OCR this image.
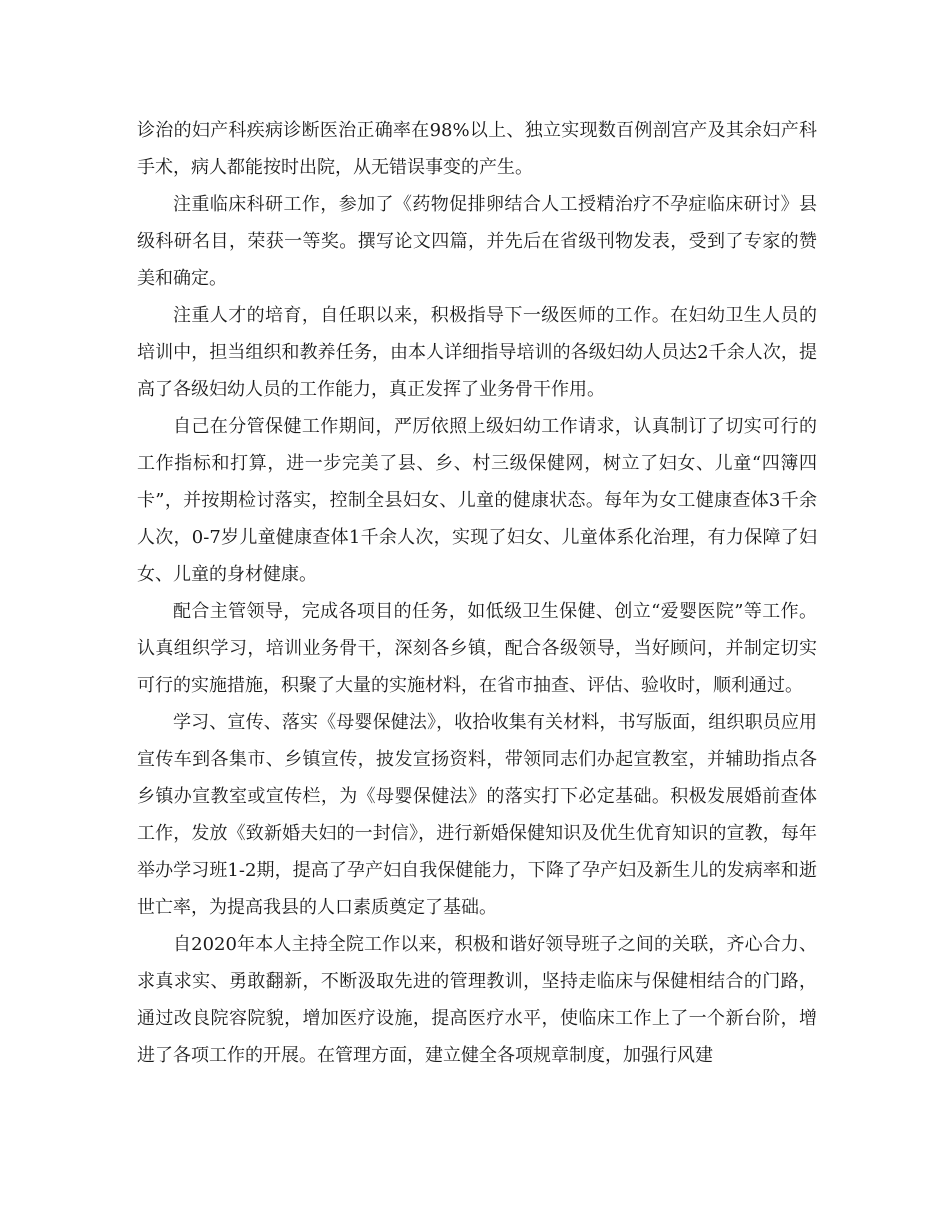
诊治的妇产科疾病诊断医治正确率在98%以上、独立实现数百例剖宫产及其余妇产科手术，病人都能按时出院，从无错误事变的产生。

注重临床科研工作，参加了《药物促排卵结合人工授精治疗不孕症临床研讨》县级科研名目，荣获一等奖。撰写论文四篇，并先后在省级刊物发表，受到了专家的赞美和确定。

注重人才的培育，自任职以来，积极指导下一级医师的工作。在妇幼卫生人员的培训中，担当组织和教养任务，由本人详细指导培训的各级妇幼人员达2千余人次，提高了各级妇幼人员的工作能力，真正发挥了业务骨干作用。

自己在分管保健工作期间，严厉依照上级妇幼工作请求，认真制订了切实可行的工作指标和打算，进一步完美了县、乡、村三级保健网，树立了妇女、儿童“四簿四卡”，并按期检讨落实，控制全县妇女、儿童的健康状态。每年为女工健康查体3千余人次，0-7岁儿童健康查体1千余人次，实现了妇女、儿童体系化治理，有力保障了妇女、儿童的身材健康。

配合主管领导，完成各项目的任务，如低级卫生保健、创立“爱婴医院”等工作。认真组织学习，培训业务骨干，深刻各乡镇，配合各级领导，当好顾问，并制定切实可行的实施措施，积聚了大量的实施材料，在省市抽查、评估、验收时，顺利通过。

学习、宣传、落实《母婴保健法》，收拾收集有关材料，书写版面，组织职员应用宣传车到各集市、乡镇宣传，披发宣扬资料，带领同志们办起宣教室，并辅助指点各乡镇办宣教室或宣传栏，为《母婴保健法》的落实打下必定基础。积极发展婚前查体工作，发放《致新婚夫妇的一封信》，进行新婚保健知识及优生优育知识的宣教，每年举办学习班1-2期，提高了孕产妇自我保健能力，下降了孕产妇及新生儿的发病率和逝世亡率，为提高我县的人口素质奠定了基础。

自2020年本人主持全院工作以来，积极和谐好领导班子之间的关联，齐心合力、求真求实、勇敢翻新，不断汲取先进的管理教训，坚持走临床与保健相结合的门路，通过改良院容院貌，增加医疗设施，提高医疗水平，使临床工作上了一个新台阶，增进了各项工作的开展。在管理方面，建立健全各项规章制度，加强行风建
